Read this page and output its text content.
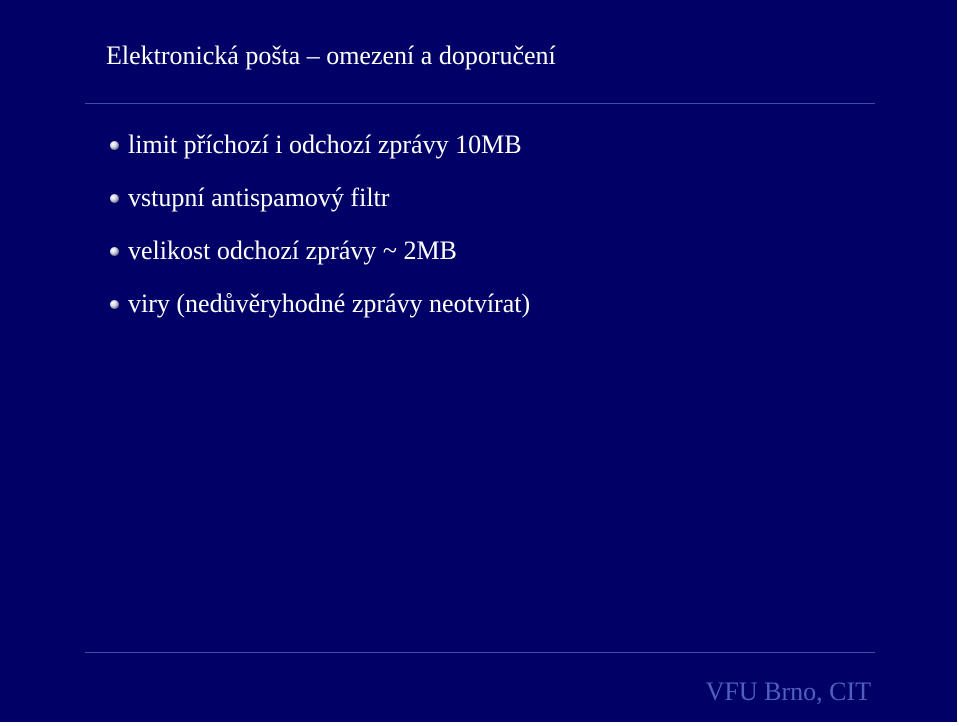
Elektronická pošta – omezení a doporučení
limit příchozí i odchozí zprávy 10MB
vstupní antispamový filtr
velikost odchozí zprávy ~ 2MB
viry (nedůvěryhodné zprávy neotvírat)
VFU Brno, CIT
